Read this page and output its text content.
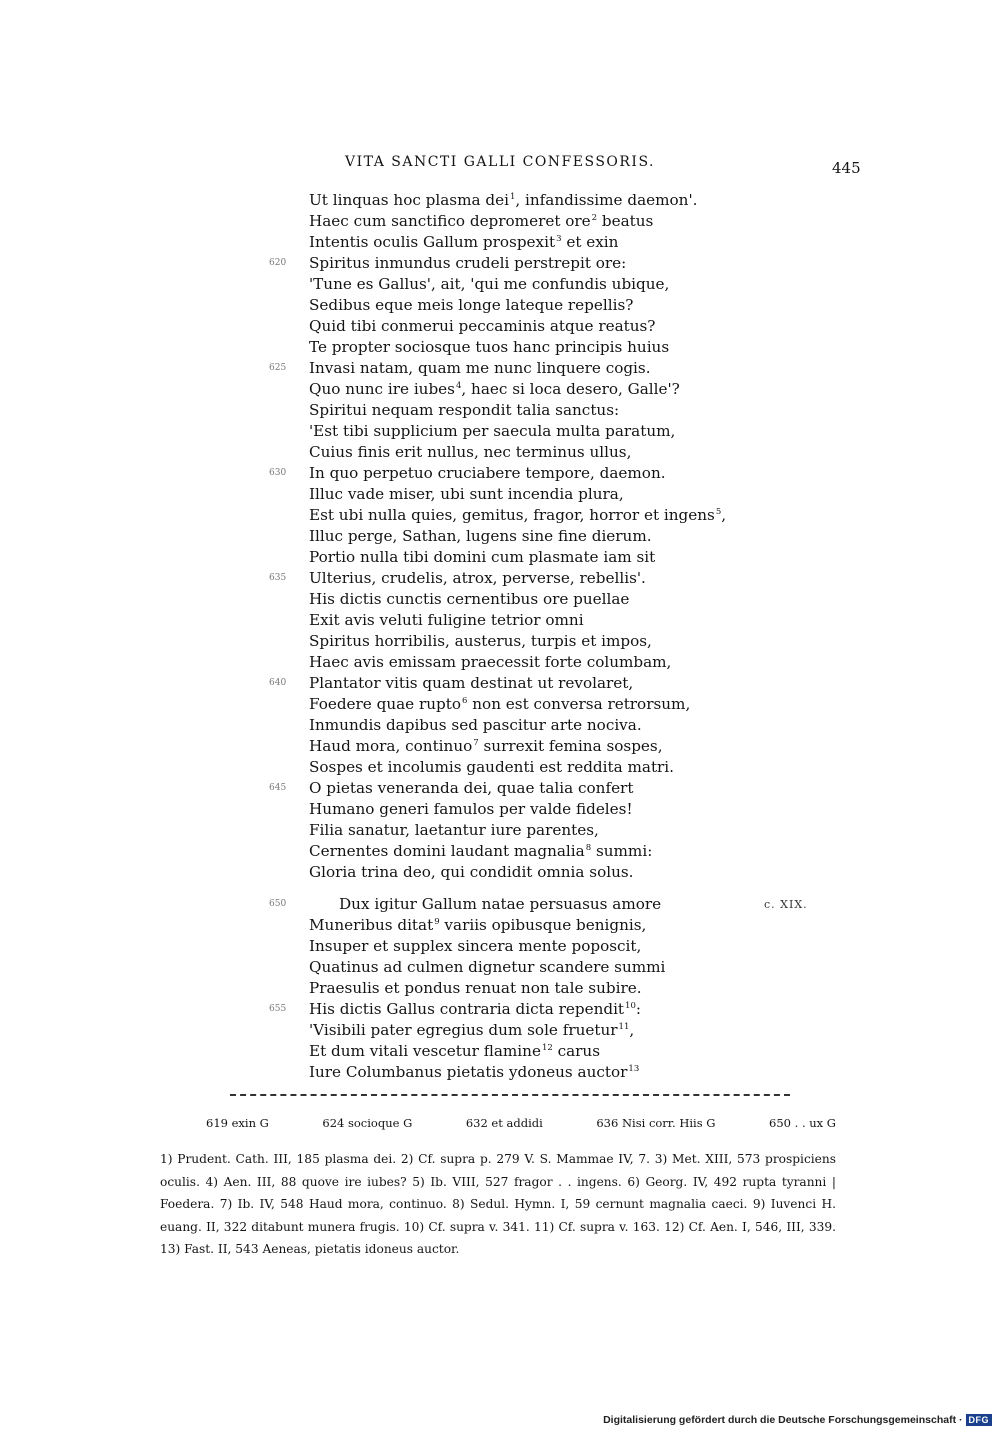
VITA SANCTI GALLI CONFESSORIS.	445
Ut linquas hoc plasma dei$^1$, infandissime daemon'.
Haec cum sanctifico depromeret ore$^2$ beatus
Intentis oculis Gallum prospexit$^3$ et exin
620 Spiritus inmundus crudeli perstrepit ore:
'Tune es Gallus', ait, 'qui me confundis ubique,
Sedibus eque meis longe lateque repellis?
Quid tibi conmerui peccaminis atque reatus?
Te propter sociosque tuos hanc principis huius
625 Invasi natam, quam me nunc linquere cogis.
Quo nunc ire iubes$^4$, haec si loca desero, Galle'?
Spiritui nequam respondit talia sanctus:
'Est tibi supplicium per saecula multa paratum,
Cuius finis erit nullus, nec terminus ullus,
630 In quo perpetuo cruciabere tempore, daemon.
Illuc vade miser, ubi sunt incendia plura,
Est ubi nulla quies, gemitus, fragor, horror et ingens$^5$,
Illuc perge, Sathan, lugens sine fine dierum.
Portio nulla tibi domini cum plasmate iam sit
635 Ulterius, crudelis, atrox, perverse, rebellis'.
His dictis cunctis cernentibus ore puellae
Exit avis veluti fuligine tetrior omni
Spiritus horribilis, austerus, turpis et impos,
Haec avis emissam praecessit forte columbam,
640 Plantator vitis quam destinat ut revolaret,
Foedere quae rupto$^6$ non est conversa retrorsum,
Inmundis dapibus sed pascitur arte nociva.
Haud mora, continuo$^7$ surrexit femina sospes,
Sospes et incolumis gaudenti est reddita matri.
645 O pietas veneranda dei, quae talia confert
Humano generi famulos per valde fideles!
Filia sanatur, laetantur iure parentes,
Cernentes domini laudant magnalia$^8$ summi:
Gloria trina deo, qui condidit omnia solus.
650	Dux igitur Gallum natae persuasus amore	c. XIX.
Muneribus ditat$^9$ variis opibusque benignis,
Insuper et supplex sincera mente poposcit,
Quatinus ad culmen dignetur scandere summi
Praesulis et pondus renuat non tale subire.
655 His dictis Gallus contraria dicta rependit$^{10}$:
'Visibili pater egregius dum sole fruetur$^{11}$,
Et dum vitali vescetur flamine$^{12}$ carus
Iure Columbanus pietatis ydoneus auctor$^{13}$
619 exin G	624 socioque G	632 et addidi	636 Nisi corr. Hiis G	650 . . ux G
1) Prudent. Cath. III, 185 plasma dei. 2) Cf. supra p. 279 V. S. Mammae IV, 7. 3) Met. XIII, 573 prospiciens oculis. 4) Aen. III, 88 quove ire iubes? 5) Ib. VIII, 527 fragor . . ingens. 6) Georg. IV, 492 rupta tyranni | Foedera. 7) Ib. IV, 548 Haud mora, continuo. 8) Sedul. Hymn. I, 59 cernunt magnalia caeci. 9) Iuvenci H. euang. II, 322 ditabunt munera frugis. 10) Cf. supra v. 341. 11) Cf. supra v. 163. 12) Cf. Aen. I, 546, III, 339. 13) Fast. II, 543 Aeneas, pietatis idoneus auctor.
Digitalisierung gefördert durch die Deutsche Forschungsgemeinschaft · DFG
